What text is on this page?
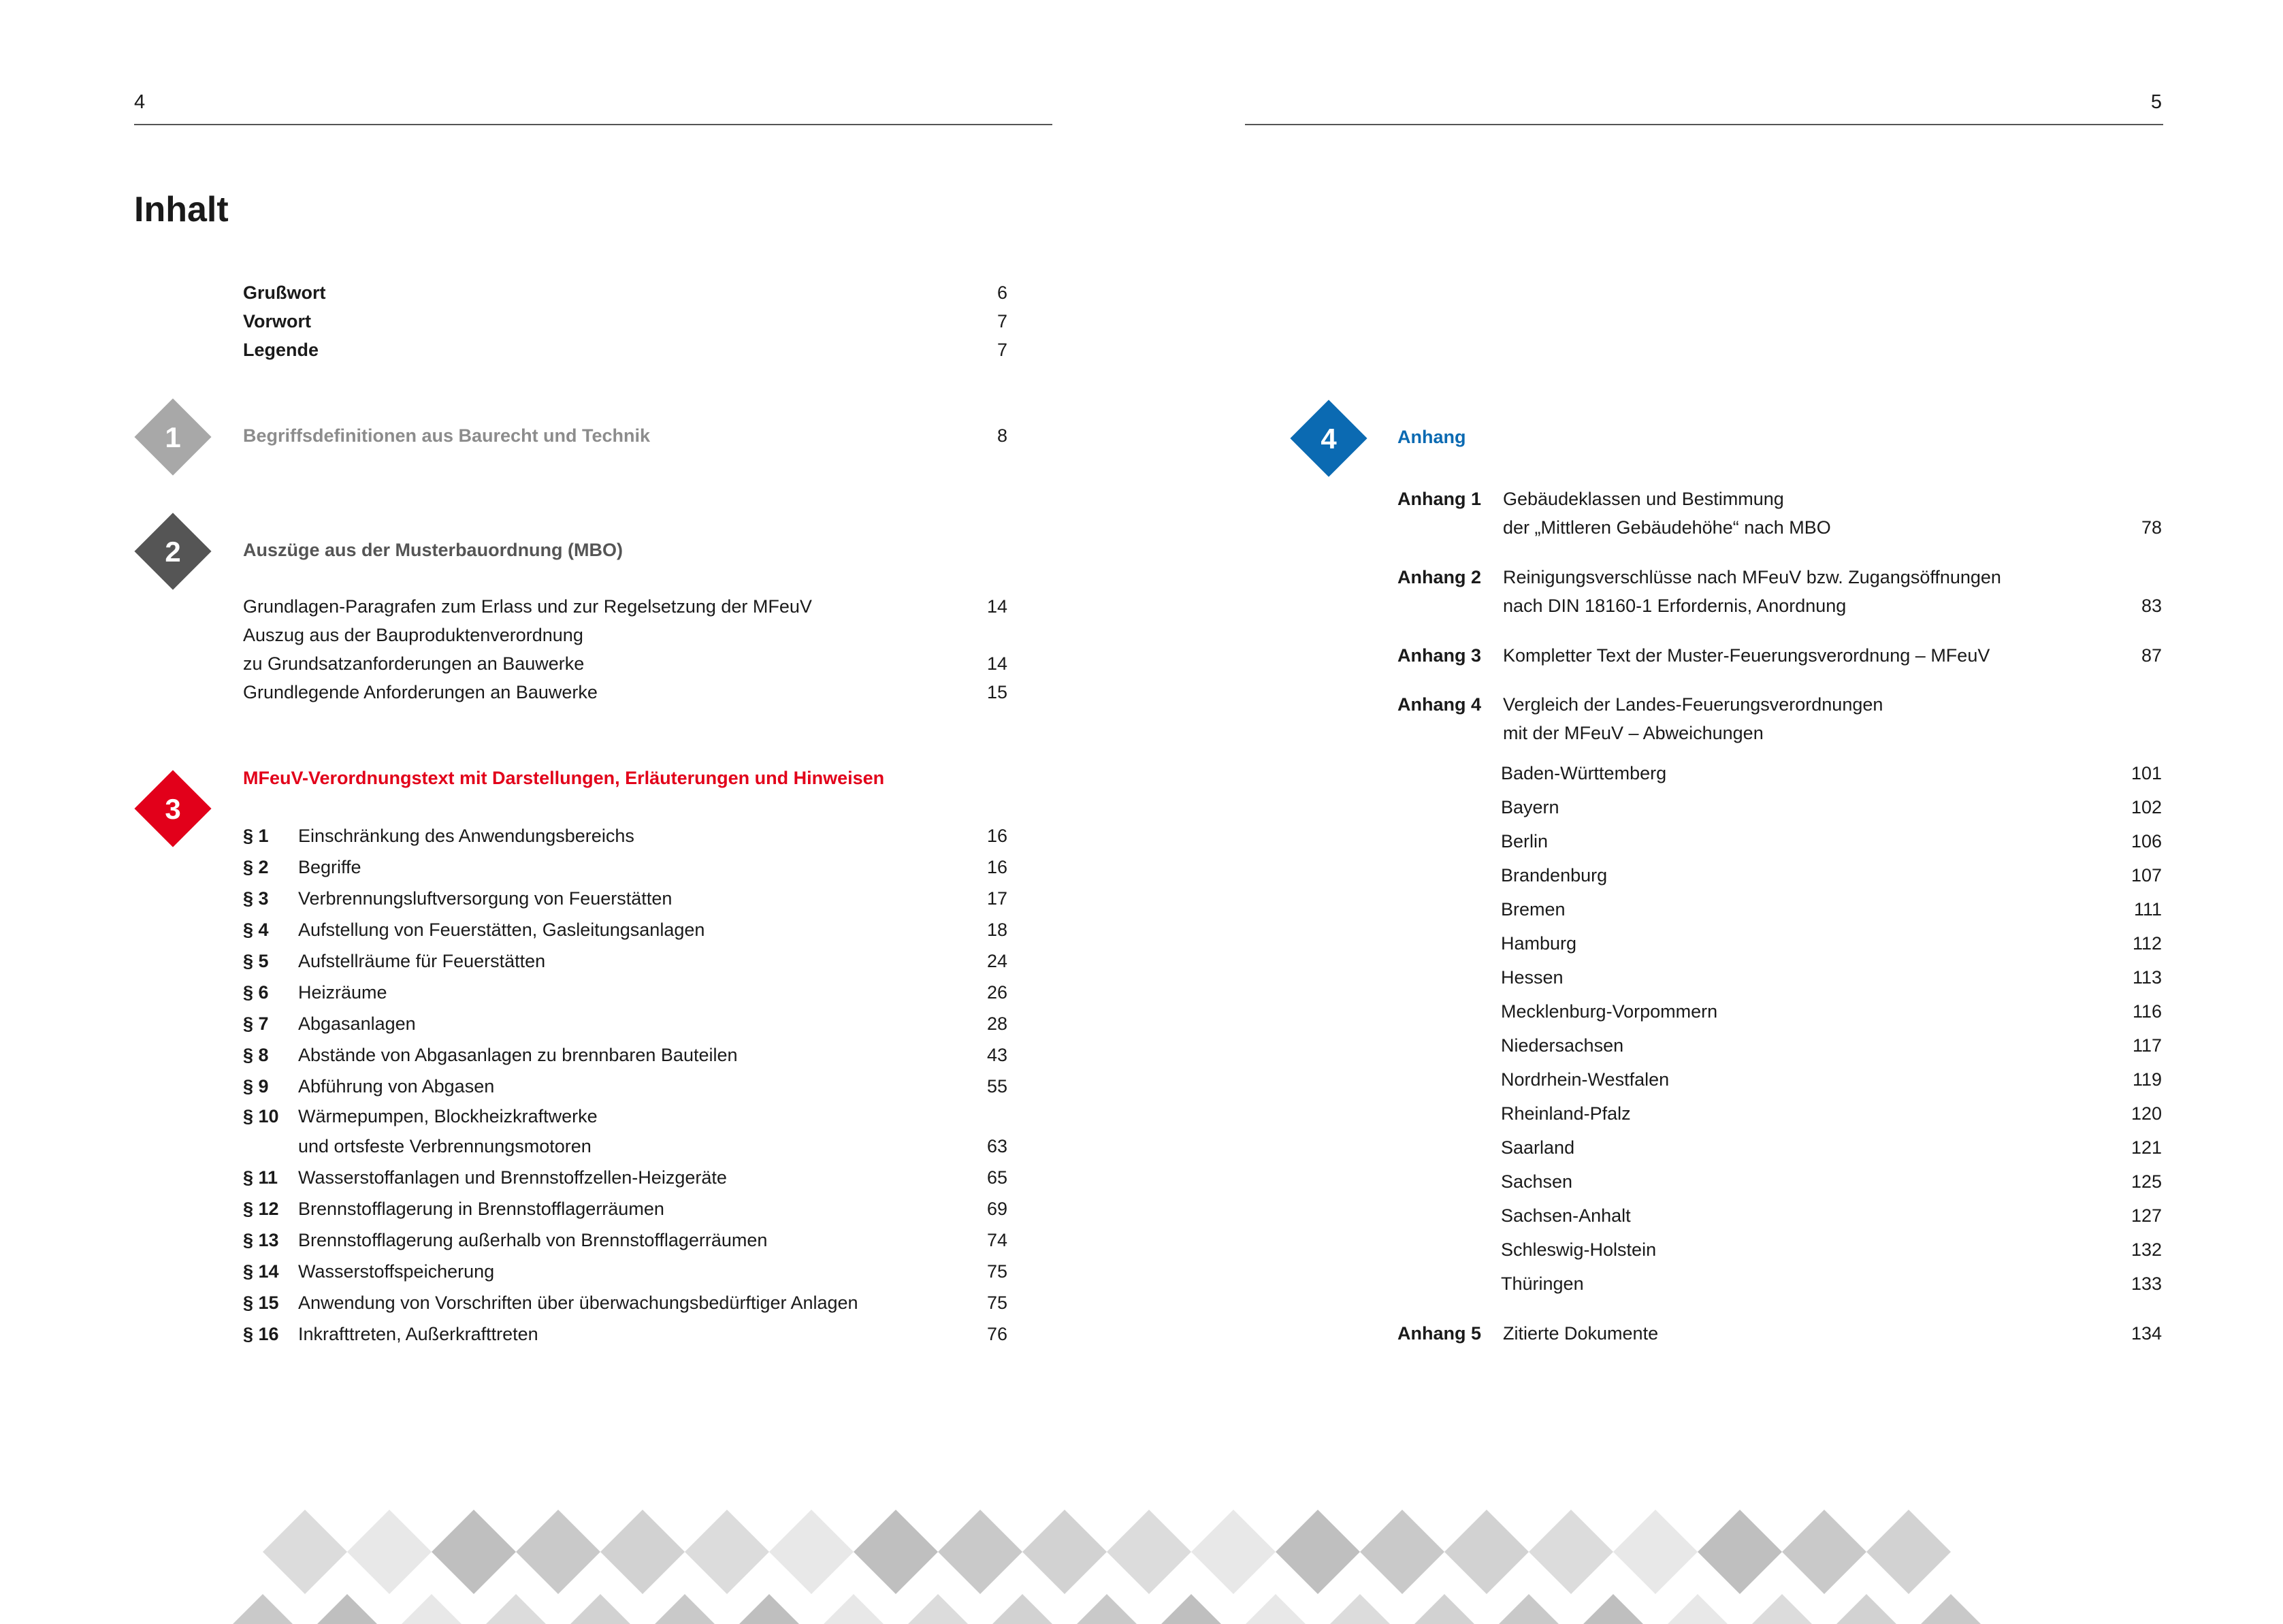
4	5
Inhalt
Grußwort	6
Vorwort	7
Legende	7
1	Begriffsdefinitionen aus Baurecht und Technik	8
2	Auszüge aus der Musterbauordnung (MBO)
Grundlagen-Paragrafen zum Erlass und zur Regelsetzung der MFeuV	14
Auszug aus der Bauproduktenverordnung
zu Grundsatzanforderungen an Bauwerke	14
Grundlegende Anforderungen an Bauwerke	15
3
MFeuV-Verordnungstext mit Darstellungen, Erläuterungen und Hinweisen
§ 1 Einschränkung des Anwendungsbereichs	16
§ 2 Begriffe	16
§ 3 Verbrennungsluftversorgung von Feuerstätten	17
§ 4 Aufstellung von Feuerstätten, Gasleitungsanlagen	18
§ 5 Aufstellräume für Feuerstätten	24
§ 6 Heizräume	26
§ 7 Abgasanlagen	28
§ 8 Abstände von Abgasanlagen zu brennbaren Bauteilen	43
§ 9 Abführung von Abgasen	55
§ 10 Wärmepumpen, Blockheizkraftwerke
und ortsfeste Verbrennungsmotoren	63
§ 11 Wasserstoffanlagen und Brennstoffzellen-Heizgeräte	65
§ 12 Brennstofflagerung in Brennstofflagerräumen	69
§ 13 Brennstofflagerung außerhalb von Brennstofflagerräumen	74
§ 14 Wasserstoffspeicherung	75
§ 15 Anwendung von Vorschriften über überwachungsbedürftiger Anlagen	75
§ 16 Inkrafttreten, Außerkrafttreten	76
4	Anhang
Anhang 1 Gebäudeklassen und Bestimmung
der „Mittleren Gebäudehöhe“ nach MBO	78
Anhang 2 Reinigungsverschlüsse nach MFeuV bzw. Zugangsöffnungen
nach DIN 18160-1 Erfordernis, Anordnung	83
Anhang 3 Kompletter Text der Muster-Feuerungsverordnung – MFeuV	87
Anhang 4 Vergleich der Landes-Feuerungsverordnungen
mit der MFeuV – Abweichungen
Baden-Württemberg	101
Bayern	102
Berlin	106
Brandenburg	107
Bremen	111
Hamburg	112
Hessen	113
Mecklenburg-Vorpommern	116
Niedersachsen	117
Nordrhein-Westfalen	119
Rheinland-Pfalz	120
Saarland	121
Sachsen	125
Sachsen-Anhalt	127
Schleswig-Holstein	132
Thüringen	133
Anhang 5 Zitierte Dokumente	134
